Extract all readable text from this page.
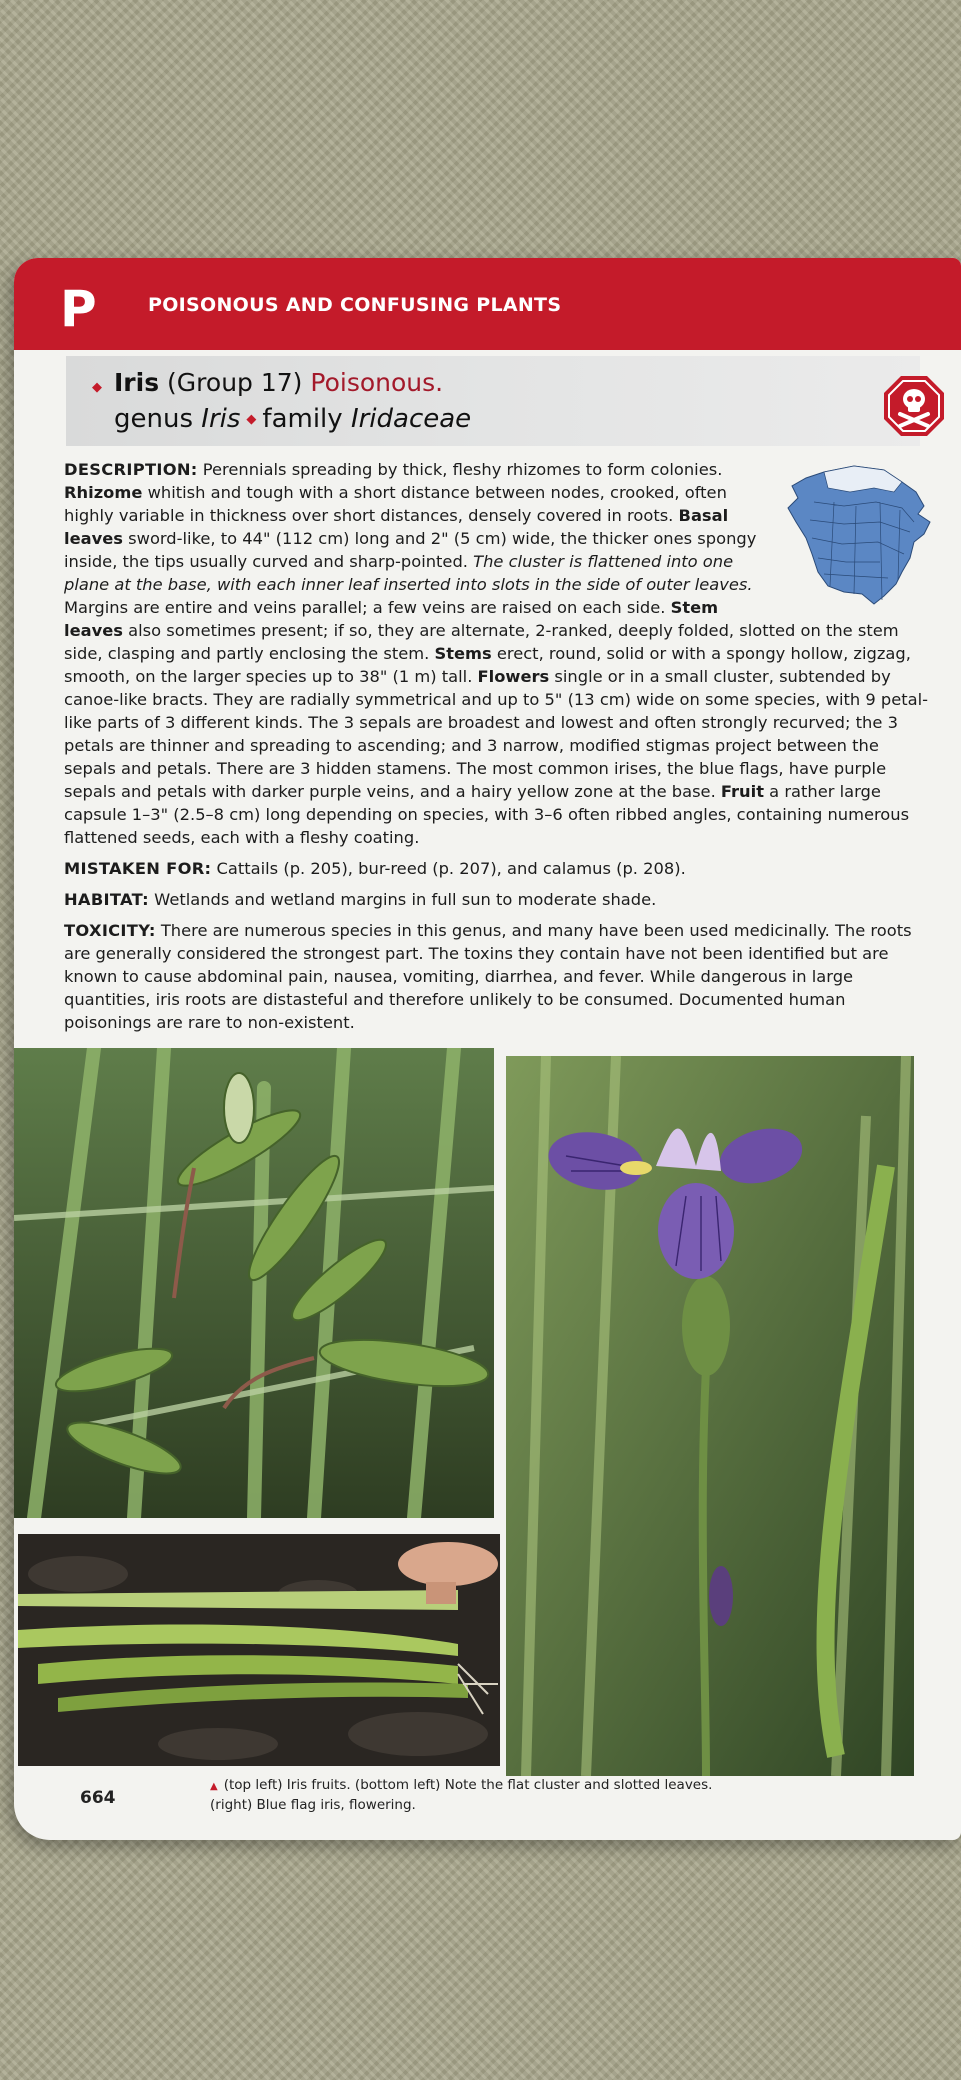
P	POISONOUS AND CONFUSING PLANTS
◆ Iris (Group 17) Poisonous.
genus Iris ◆ family Iridaceae

DESCRIPTION: Perennials spreading by thick, fleshy rhizomes to form colonies. Rhizome whitish and tough with a short distance between nodes, crooked, often highly variable in thickness over short distances, densely covered in roots. Basal leaves sword-like, to 44" (112 cm) long and 2" (5 cm) wide, the thicker ones spongy inside, the tips usually curved and sharp-pointed. The cluster is flattened into one plane at the base, with each inner leaf inserted into slots in the side of outer leaves. Margins are entire and veins parallel; a few veins are raised on each side. Stem leaves also sometimes present; if so, they are alternate, 2-ranked, deeply folded, slotted on the stem side, clasping and partly enclosing the stem. Stems erect, round, solid or with a spongy hollow, zigzag, smooth, on the larger species up to 38" (1 m) tall. Flowers single or in a small cluster, subtended by canoe-like bracts. They are radially symmetrical and up to 5" (13 cm) wide on some species, with 9 petal-like parts of 3 different kinds. The 3 sepals are broadest and lowest and often strongly recurved; the 3 petals are thinner and spreading to ascending; and 3 narrow, modified stigmas project between the sepals and petals. There are 3 hidden stamens. The most common irises, the blue flags, have purple sepals and petals with darker purple veins, and a hairy yellow zone at the base. Fruit a rather large capsule 1–3" (2.5–8 cm) long depending on species, with 3–6 often ribbed angles, containing numerous flattened seeds, each with a fleshy coating.

MISTAKEN FOR: Cattails (p. 205), bur-reed (p. 207), and calamus (p. 208).

HABITAT: Wetlands and wetland margins in full sun to moderate shade.

TOXICITY: There are numerous species in this genus, and many have been used medicinally. The roots are generally considered the strongest part. The toxins they contain have not been identified but are known to cause abdominal pain, nausea, vomiting, diarrhea, and fever. While dangerous in large quantities, iris roots are distasteful and therefore unlikely to be consumed. Documented human poisonings are rare to non-existent.

664
▲ (top left) Iris fruits. (bottom left) Note the flat cluster and slotted leaves.
(right) Blue flag iris, flowering.
